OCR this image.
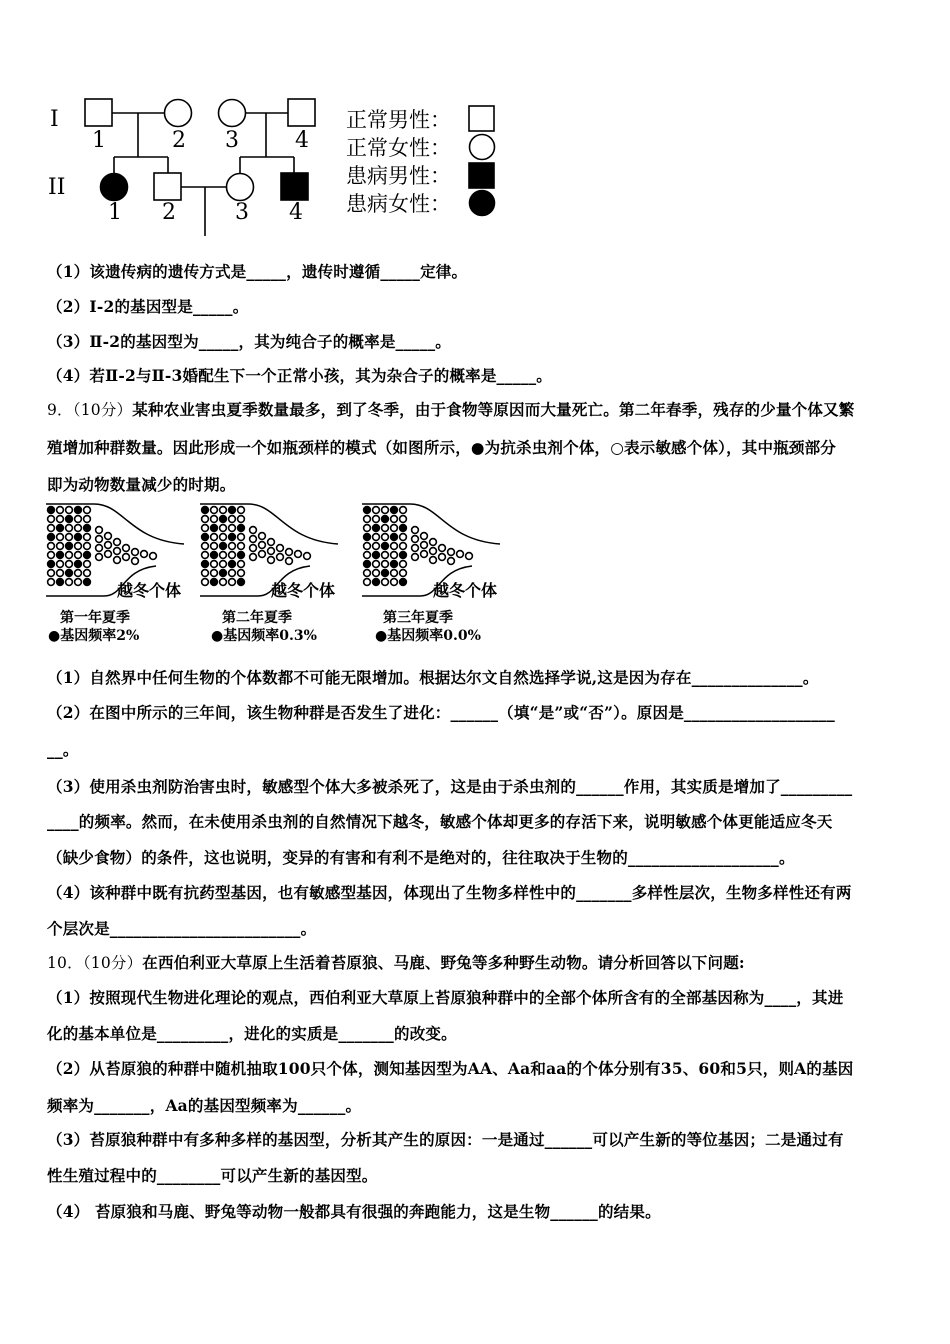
I
II
1	2 3	4
1 2	3 4
正常男性：
正常女性：
患病男性：
患病女性：
（1）该遗传病的遗传方式是_____，遗传时遵循_____定律。
（2）Ⅰ-2的基因型是_____。
（3）Ⅱ-2的基因型为_____，其为纯合子的概率是_____。
（4）若Ⅱ-2与Ⅱ-3婚配生下一个正常小孩，其为杂合子的概率是_____。
9．（10分）某种农业害虫夏季数量最多，到了冬季，由于食物等原因而大量死亡。第二年春季，残存的少量个体又繁
殖增加种群数量。因此形成一个如瓶颈样的模式（如图所示，●为抗杀虫剂个体，○表示敏感个体），其中瓶颈部分
即为动物数量减少的时期。
越冬个体	越冬个体	越冬个体
第一年夏季	第二年夏季	第三年夏季
●基因频率2%	●基因频率0.3%	●基因频率0.0%
（1）自然界中任何生物的个体数都不可能无限增加。根据达尔文自然选择学说,这是因为存在______________。
（2）在图中所示的三年间，该生物种群是否发生了进化：______（填“是”或“否”）。原因是___________________
__。
（3）使用杀虫剂防治害虫时，敏感型个体大多被杀死了，这是由于杀虫剂的______作用，其实质是增加了_________
____的频率。然而，在未使用杀虫剂的自然情况下越冬，敏感个体却更多的存活下来，说明敏感个体更能适应冬天
（缺少食物）的条件，这也说明，变异的有害和有利不是绝对的，往往取决于生物的___________________。
（4）该种群中既有抗药型基因，也有敏感型基因，体现出了生物多样性中的_______多样性层次，生物多样性还有两
个层次是________________________。
10．（10分）在西伯利亚大草原上生活着苔原狼、马鹿、野兔等多种野生动物。请分析回答以下问题:
（1）按照现代生物进化理论的观点，西伯利亚大草原上苔原狼种群中的全部个体所含有的全部基因称为____，其进
化的基本单位是_________，进化的实质是_______的改变。
（2）从苔原狼的种群中随机抽取100只个体，测知基因型为AA、Aa和aa的个体分别有35、60和5只，则A的基因
频率为_______，Aa的基因型频率为______。
（3）苔原狼种群中有多种多样的基因型，分析其产生的原因：一是通过______可以产生新的等位基因；二是通过有
性生殖过程中的________可以产生新的基因型。
（4） 苔原狼和马鹿、野兔等动物一般都具有很强的奔跑能力，这是生物______的结果。
